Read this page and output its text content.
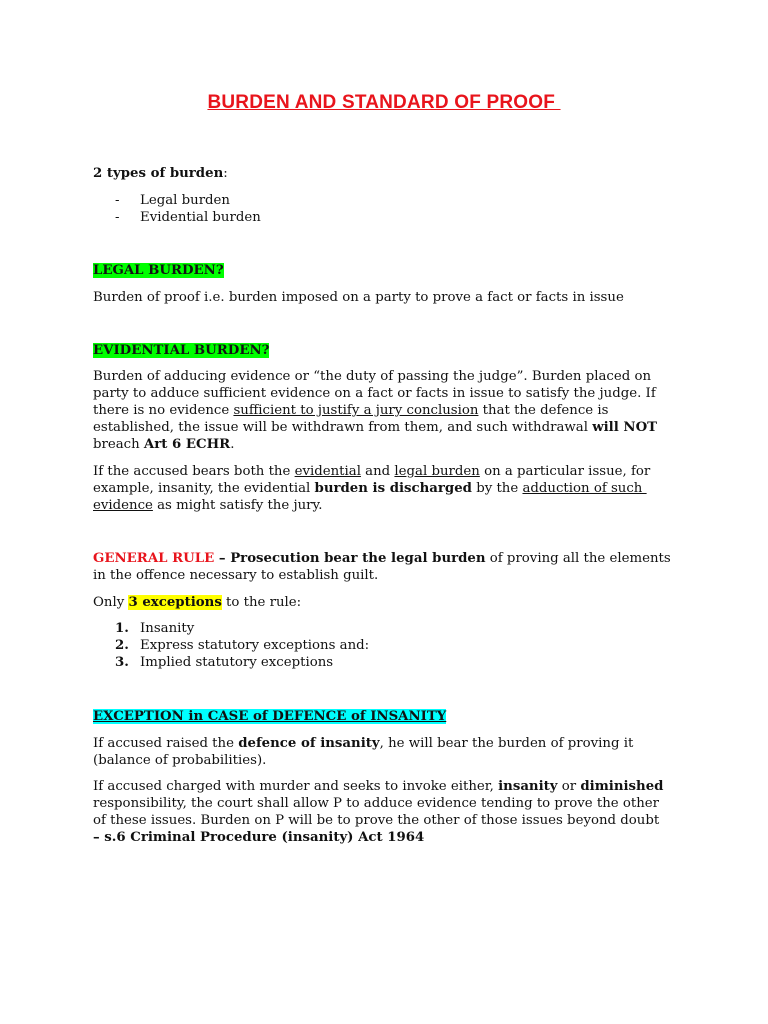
BURDEN AND STANDARD OF PROOF
2 types of burden:
- Legal burden
- Evidential burden
LEGAL BURDEN?
Burden of proof i.e. burden imposed on a party to prove a fact or facts in issue
EVIDENTIAL BURDEN?
Burden of adducing evidence or “the duty of passing the judge”. Burden placed on
party to adduce sufficient evidence on a fact or facts in issue to satisfy the judge. If
there is no evidence sufficient to justify a jury conclusion that the defence is
established, the issue will be withdrawn from them, and such withdrawal will NOT
breach Art 6 ECHR.
If the accused bears both the evidential and legal burden on a particular issue, for
example, insanity, the evidential burden is discharged by the adduction of such
evidence as might satisfy the jury.
GENERAL RULE – Prosecution bear the legal burden of proving all the elements
in the offence necessary to establish guilt.
Only 3 exceptions to the rule:
1. Insanity
2. Express statutory exceptions and:
3. Implied statutory exceptions
EXCEPTION in CASE of DEFENCE of INSANITY
If accused raised the defence of insanity, he will bear the burden of proving it
(balance of probabilities).
If accused charged with murder and seeks to invoke either, insanity or diminished
responsibility, the court shall allow P to adduce evidence tending to prove the other
of these issues. Burden on P will be to prove the other of those issues beyond doubt
– s.6 Criminal Procedure (insanity) Act 1964
